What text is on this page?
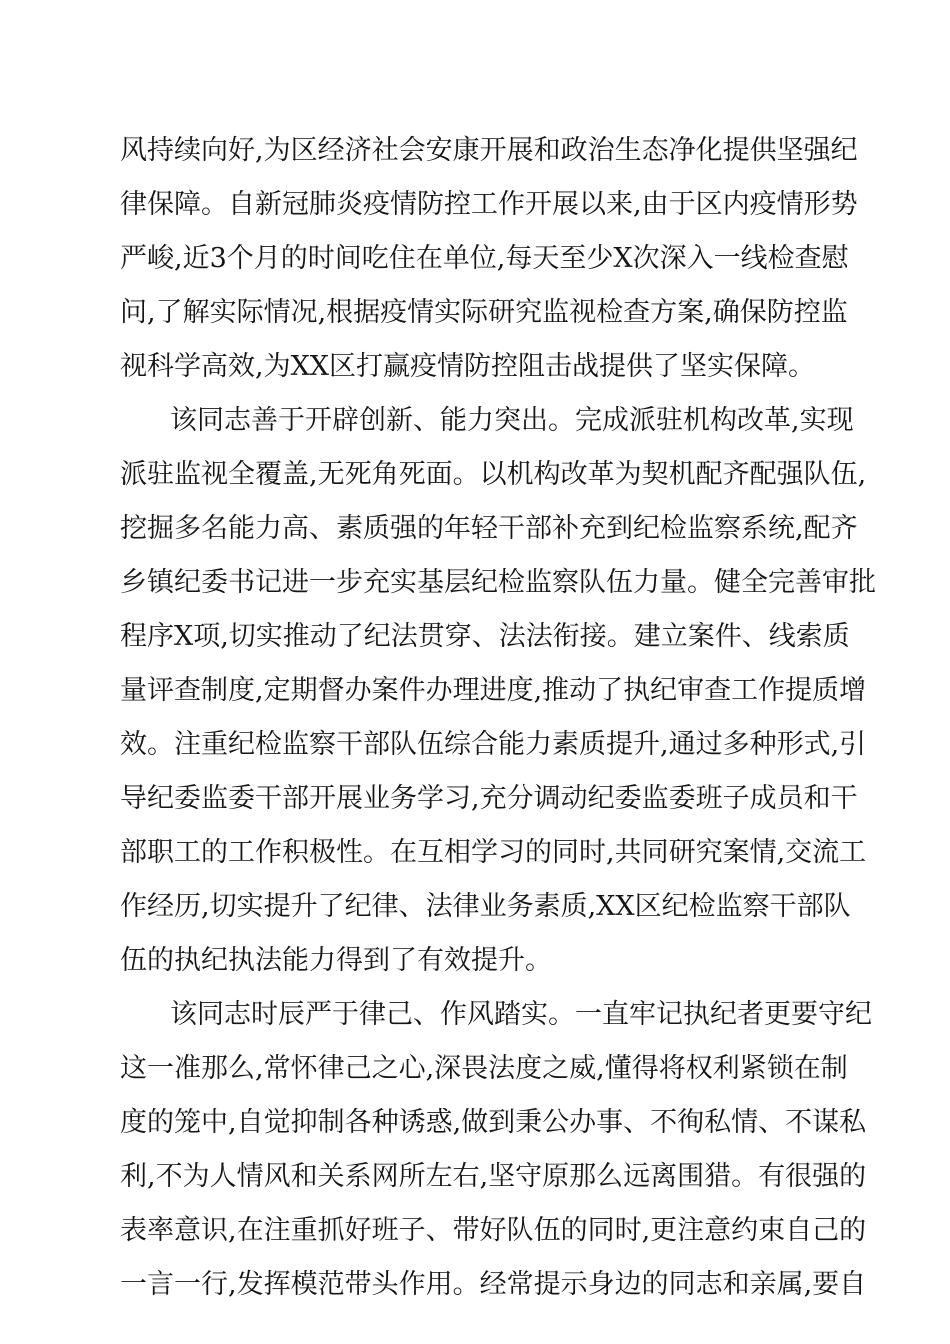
风持续向好,为区经济社会安康开展和政治生态净化提供坚强纪
律保障。自新冠肺炎疫情防控工作开展以来,由于区内疫情形势
严峻,近3个月的时间吃住在单位,每天至少X次深入一线检查慰
问,了解实际情况,根据疫情实际研究监视检查方案,确保防控监
视科学高效,为XX区打赢疫情防控阻击战提供了坚实保障。
该同志善于开辟创新、能力突出。完成派驻机构改革,实现
派驻监视全覆盖,无死角死面。以机构改革为契机配齐配强队伍,
挖掘多名能力高、素质强的年轻干部补充到纪检监察系统,配齐
乡镇纪委书记进一步充实基层纪检监察队伍力量。健全完善审批
程序X项,切实推动了纪法贯穿、法法衔接。建立案件、线索质
量评查制度,定期督办案件办理进度,推动了执纪审查工作提质增
效。注重纪检监察干部队伍综合能力素质提升,通过多种形式,引
导纪委监委干部开展业务学习,充分调动纪委监委班子成员和干
部职工的工作积极性。在互相学习的同时,共同研究案情,交流工
作经历,切实提升了纪律、法律业务素质,XX区纪检监察干部队
伍的执纪执法能力得到了有效提升。
该同志时辰严于律己、作风踏实。一直牢记执纪者更要守纪
这一准那么,常怀律己之心,深畏法度之威,懂得将权利紧锁在制
度的笼中,自觉抑制各种诱惑,做到秉公办事、不徇私情、不谋私
利,不为人情风和关系网所左右,坚守原那么远离围猎。有很强的
表率意识,在注重抓好班子、带好队伍的同时,更注意约束自己的
一言一行,发挥模范带头作用。经常提示身边的同志和亲属,要自
